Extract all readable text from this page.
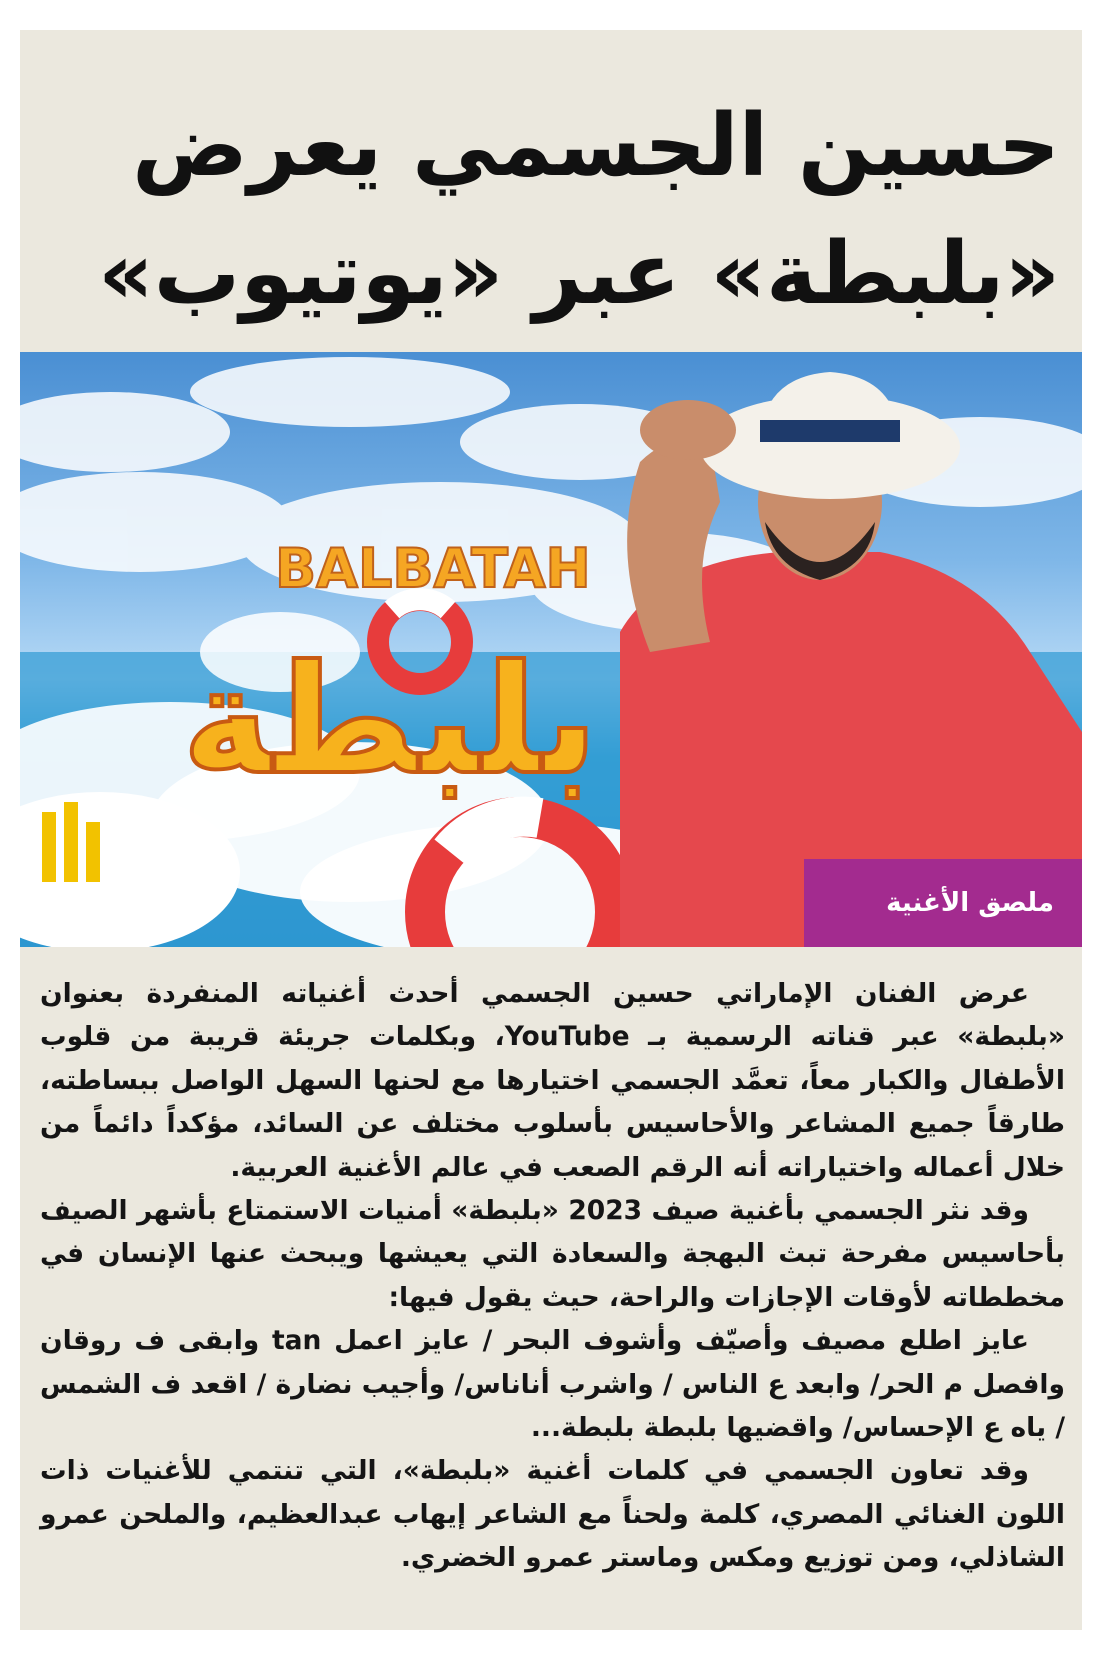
حسين الجسمي يعرض
«بلبطة» عبر «يوتيوب»
BALBATAH
بلبطة
ملصق الأغنية

عرض الفنان الإماراتي حسين الجسمي أحدث أغنياته المنفردة بعنوان «بلبطة» عبر قناته الرسمية بـ YouTube، وبكلمات جريئة قريبة من قلوب الأطفال والكبار معاً، تعمَّد الجسمي اختيارها مع لحنها السهل الواصل ببساطته، طارقاً جميع المشاعر والأحاسيس بأسلوب مختلف عن السائد، مؤكداً دائماً من خلال أعماله واختياراته أنه الرقم الصعب في عالم الأغنية العربية.

وقد نثر الجسمي بأغنية صيف 2023 «بلبطة» أمنيات الاستمتاع بأشهر الصيف بأحاسيس مفرحة تبث البهجة والسعادة التي يعيشها ويبحث عنها الإنسان في مخططاته لأوقات الإجازات والراحة، حيث يقول فيها:

عايز اطلع مصيف وأصيّف وأشوف البحر / عايز اعمل tan وابقى ف روقان وافصل م الحر/ وابعد ع الناس / واشرب أناناس/ وأجيب نضارة / اقعد ف الشمس / ياه ع الإحساس/ واقضيها بلبطة بلبطة...

وقد تعاون الجسمي في كلمات أغنية «بلبطة»، التي تنتمي للأغنيات ذات اللون الغنائي المصري، كلمة ولحناً مع الشاعر إيهاب عبدالعظيم، والملحن عمرو الشاذلي، ومن توزيع ومكس وماستر عمرو الخضري.
